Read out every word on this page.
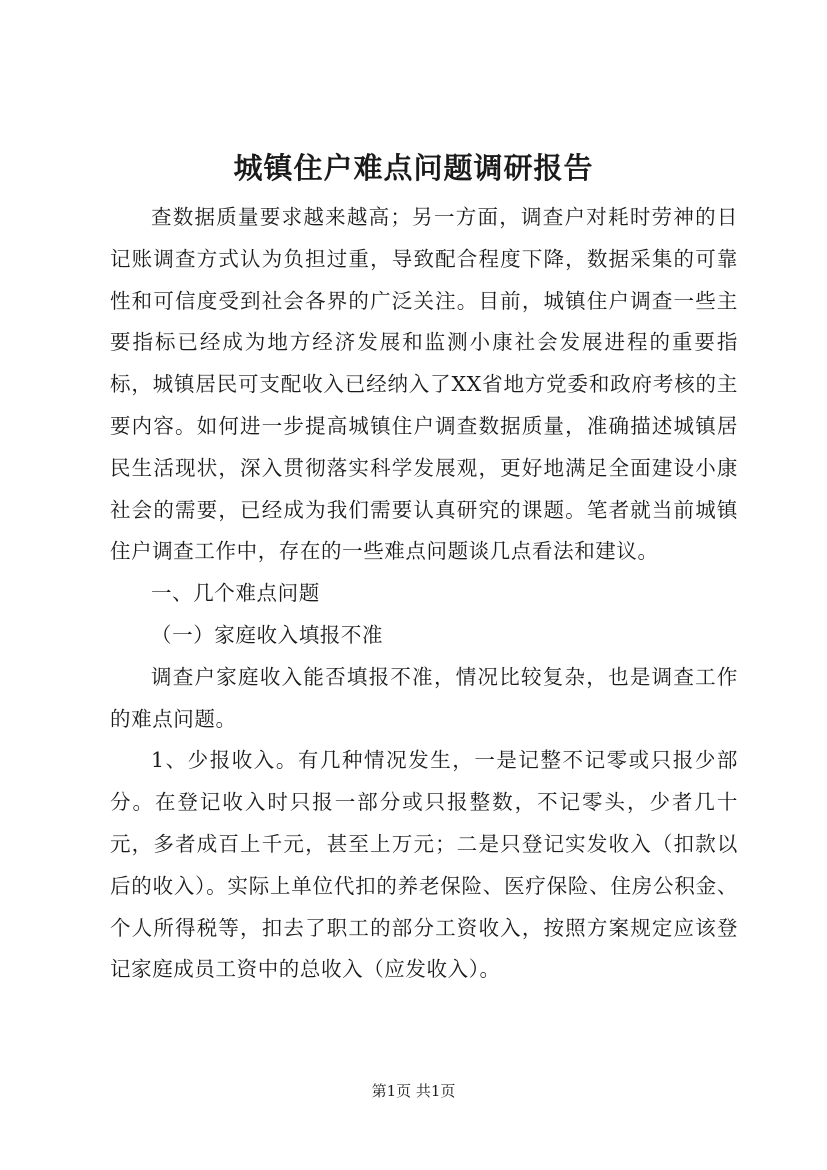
城镇住户难点问题调研报告

查数据质量要求越来越高；另一方面，调查户对耗时劳神的日记账调查方式认为负担过重，导致配合程度下降，数据采集的可靠性和可信度受到社会各界的广泛关注。目前，城镇住户调查一些主要指标已经成为地方经济发展和监测小康社会发展进程的重要指标，城镇居民可支配收入已经纳入了XX省地方党委和政府考核的主要内容。如何进一步提高城镇住户调查数据质量，准确描述城镇居民生活现状，深入贯彻落实科学发展观，更好地满足全面建设小康社会的需要，已经成为我们需要认真研究的课题。笔者就当前城镇住户调查工作中，存在的一些难点问题谈几点看法和建议。

一、几个难点问题

（一）家庭收入填报不准

调查户家庭收入能否填报不准，情况比较复杂，也是调查工作的难点问题。

1、少报收入。有几种情况发生，一是记整不记零或只报少部分。在登记收入时只报一部分或只报整数，不记零头，少者几十元，多者成百上千元，甚至上万元；二是只登记实发收入（扣款以后的收入）。实际上单位代扣的养老保险、医疗保险、住房公积金、个人所得税等，扣去了职工的部分工资收入，按照方案规定应该登记家庭成员工资中的总收入（应发收入）。

第1页 共1页
